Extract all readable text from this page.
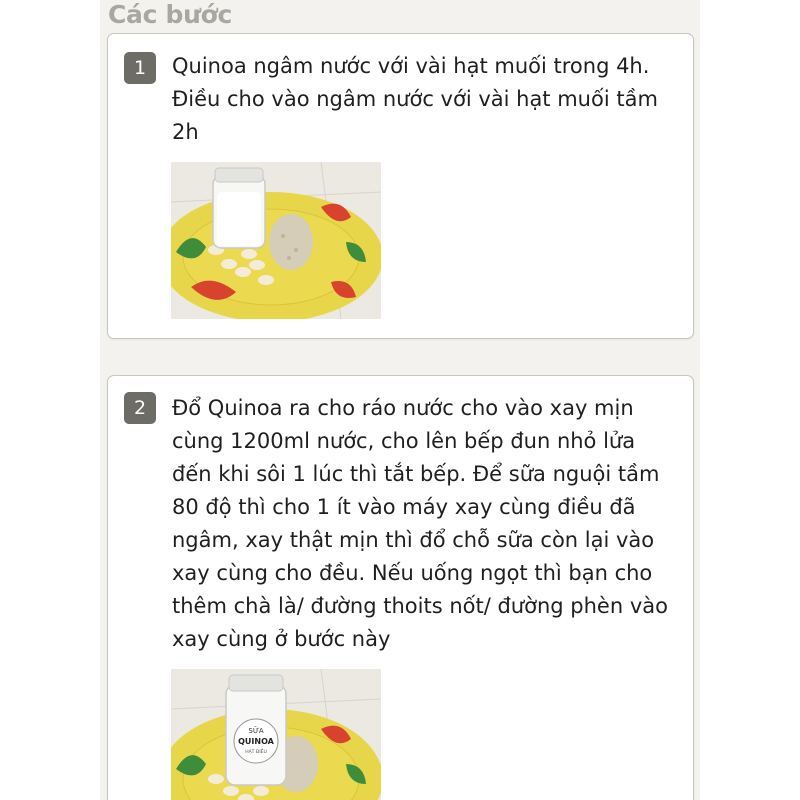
Các bước
1	Quinoa ngâm nước với vài hạt muối trong 4h. Điều cho vào ngâm nước với vài hạt muối tầm 2h
2	Đổ Quinoa ra cho ráo nước cho vào xay mịn cùng 1200ml nước, cho lên bếp đun nhỏ lửa đến khi sôi 1 lúc thì tắt bếp. Để sữa nguội tầm 80 độ thì cho 1 ít vào máy xay cùng điều đã ngâm, xay thật mịn thì đổ chỗ sữa còn lại vào xay cùng cho đều. Nếu uống ngọt thì bạn cho thêm chà là/ đường thoits nốt/ đường phèn vào xay cùng ở bước này
SỮA
QUINOA
HẠT ĐIỀU
